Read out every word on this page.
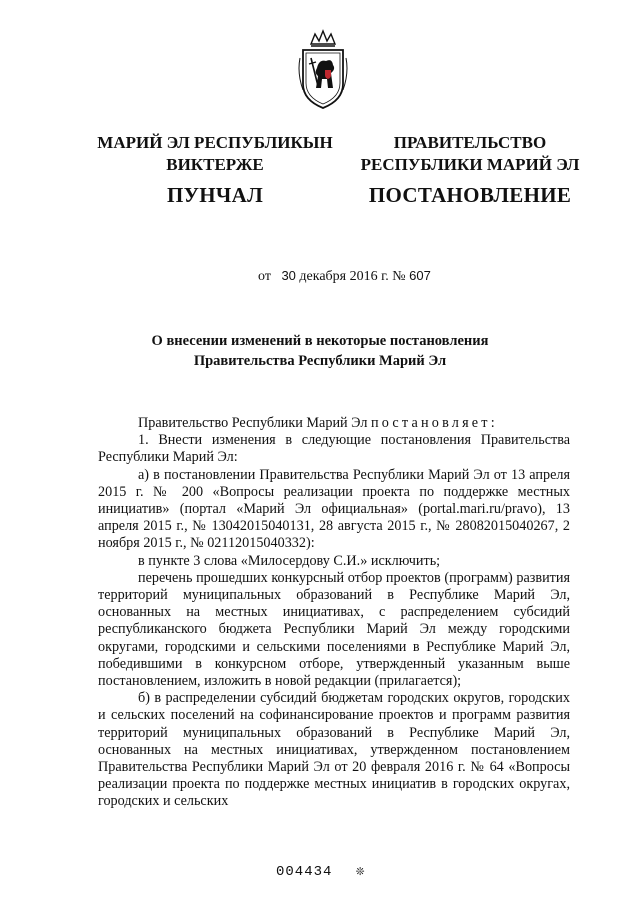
МАРИЙ ЭЛ РЕСПУБЛИКЫН
ВИКТЕРЖЕ
ПУНЧАЛ
ПРАВИТЕЛЬСТВО
РЕСПУБЛИКИ МАРИЙ ЭЛ
ПОСТАНОВЛЕНИЕ
от 30 декабря 2016 г. № 607
О внесении изменений в некоторые постановления
Правительства Республики Марий Эл

Правительство Республики Марий Эл постановляет:

1. Внести изменения в следующие постановления Правительства Республики Марий Эл:

а) в постановлении Правительства Республики Марий Эл от 13 апреля 2015 г. № 200 «Вопросы реализации проекта по поддержке местных инициатив» (портал «Марий Эл официальная» (portal.mari.ru/pravo), 13 апреля 2015 г., № 13042015040131, 28 августа 2015 г., № 28082015040267, 2 ноября 2015 г., № 02112015040332):

в пункте 3 слова «Милосердову С.И.» исключить;

перечень прошедших конкурсный отбор проектов (программ) развития территорий муниципальных образований в Республике Марий Эл, основанных на местных инициативах, с распределением субсидий республиканского бюджета Республики Марий Эл между городскими округами, городскими и сельскими поселениями в Республике Марий Эл, победившими в конкурсном отборе, утвержденный указанным выше постановлением, изложить в новой редакции (прилагается);

б) в распределении субсидий бюджетам городских округов, городских и сельских поселений на софинансирование проектов и программ развития территорий муниципальных образований в Республике Марий Эл, основанных на местных инициативах, утвержденном постановлением Правительства Республики Марий Эл от 20 февраля 2016 г. № 64 «Вопросы реализации проекта по поддержке местных инициатив в городских округах, городских и сельских

004434 ❊
